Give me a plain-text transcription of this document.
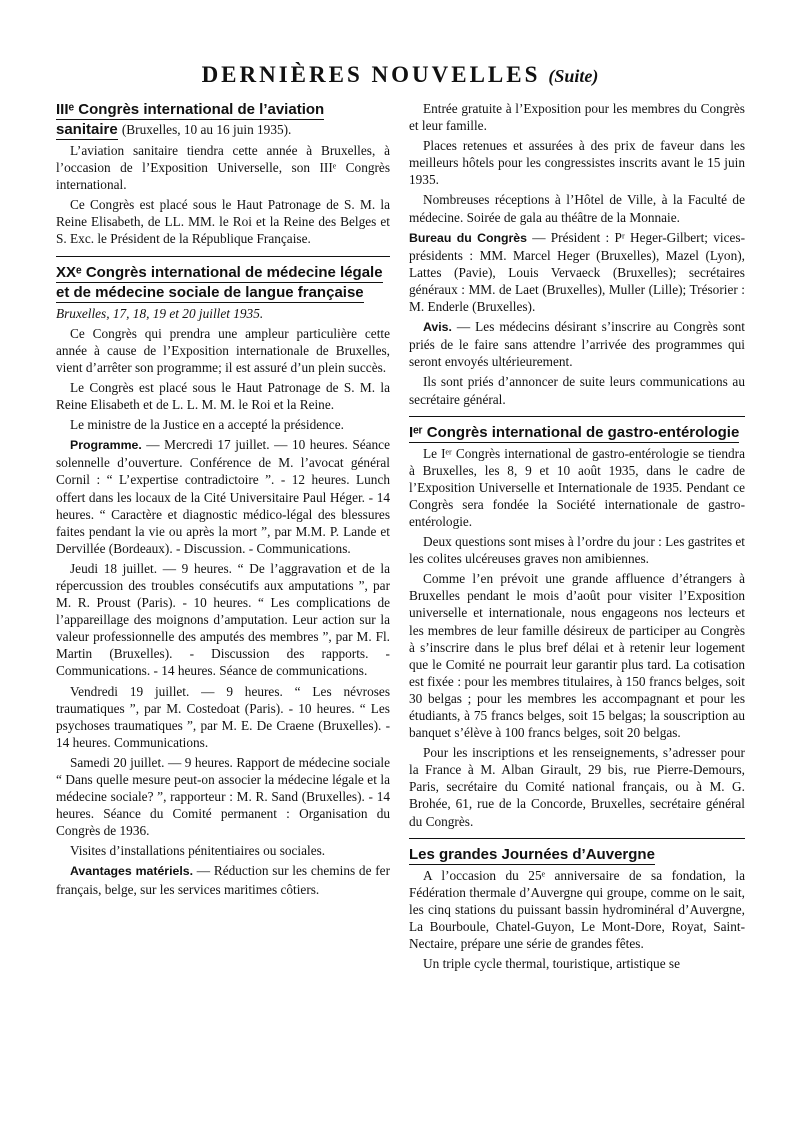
DERNIÈRES NOUVELLES (Suite)
IIIᵉ Congrès international de l’aviation sanitaire (Bruxelles, 10 au 16 juin 1935).

L’aviation sanitaire tiendra cette année à Bruxelles, à l’occasion de l’Exposition Universelle, son IIIᵉ Congrès international.

Ce Congrès est placé sous le Haut Patronage de S. M. la Reine Elisabeth, de LL. MM. le Roi et la Reine des Belges et S. Exc. le Président de la République Française.

XXᵉ Congrès international de médecine légale et de médecine sociale de langue française

Bruxelles, 17, 18, 19 et 20 juillet 1935.

Ce Congrès qui prendra une ampleur particulière cette année à cause de l’Exposition internationale de Bruxelles, vient d’arrêter son programme; il est assuré d’un plein succès.

Le Congrès est placé sous le Haut Patronage de S. M. la Reine Elisabeth et de L. L. M. M. le Roi et la Reine.

Le ministre de la Justice en a accepté la présidence.

Programme. — Mercredi 17 juillet. — 10 heures. Séance solennelle d’ouverture. Conférence de M. l’avocat général Cornil : “ L’expertise contradictoire ”. - 12 heures. Lunch offert dans les locaux de la Cité Universitaire Paul Héger. - 14 heures. “ Caractère et diagnostic médico-légal des blessures faites pendant la vie ou après la mort ”, par M.M. P. Lande et Dervillée (Bordeaux). - Discussion. - Communications.

Jeudi 18 juillet. — 9 heures. “ De l’aggravation et de la répercussion des troubles consécutifs aux amputations ”, par M. R. Proust (Paris). - 10 heures. “ Les complications de l’appareillage des moignons d’amputation. Leur action sur la valeur professionnelle des amputés des membres ”, par M. Fl. Martin (Bruxelles). - Discussion des rapports. - Communications. - 14 heures. Séance de communications.

Vendredi 19 juillet. — 9 heures. “ Les névroses traumatiques ”, par M. Costedoat (Paris). - 10 heures. “ Les psychoses traumatiques ”, par M. E. De Craene (Bruxelles). - 14 heures. Communications.

Samedi 20 juillet. — 9 heures. Rapport de médecine sociale “ Dans quelle mesure peut-on associer la médecine légale et la médecine sociale? ”, rapporteur : M. R. Sand (Bruxelles). - 14 heures. Séance du Comité permanent : Organisation du Congrès de 1936.

Visites d’installations pénitentiaires ou sociales.

Avantages matériels. — Réduction sur les chemins de fer français, belge, sur les services maritimes côtiers.

Entrée gratuite à l’Exposition pour les membres du Congrès et leur famille.

Places retenues et assurées à des prix de faveur dans les meilleurs hôtels pour les congressistes inscrits avant le 15 juin 1935.

Nombreuses réceptions à l’Hôtel de Ville, à la Faculté de médecine. Soirée de gala au théâtre de la Monnaie.

Bureau du Congrès — Président : Pʳ Heger-Gilbert; vices-présidents : MM. Marcel Heger (Bruxelles), Mazel (Lyon), Lattes (Pavie), Louis Vervaeck (Bruxelles); secrétaires généraux : MM. de Laet (Bruxelles), Muller (Lille); Trésorier : M. Enderle (Bruxelles).

Avis. — Les médecins désirant s’inscrire au Congrès sont priés de le faire sans attendre l’arrivée des programmes qui seront envoyés ultérieurement.

Ils sont priés d’annoncer de suite leurs communications au secrétaire général.

Iᵉʳ Congrès international de gastro-entérologie

Le Iᵉʳ Congrès international de gastro-entérologie se tiendra à Bruxelles, les 8, 9 et 10 août 1935, dans le cadre de l’Exposition Universelle et Internationale de 1935. Pendant ce Congrès sera fondée la Société internationale de gastro-entérologie.

Deux questions sont mises à l’ordre du jour : Les gastrites et les colites ulcéreuses graves non amibiennes.

Comme l’en prévoit une grande affluence d’étrangers à Bruxelles pendant le mois d’août pour visiter l’Exposition universelle et internationale, nous engageons nos lecteurs et les membres de leur famille désireux de participer au Congrès à s’inscrire dans le plus bref délai et à retenir leur logement que le Comité ne pourrait leur garantir plus tard. La cotisation est fixée : pour les membres titulaires, à 150 francs belges, soit 30 belgas ; pour les membres les accompagnant et pour les étudiants, à 75 francs belges, soit 15 belgas; la souscription au banquet s’élève à 100 francs belges, soit 20 belgas.

Pour les inscriptions et les renseignements, s’adresser pour la France à M. Alban Girault, 29 bis, rue Pierre-Demours, Paris, secrétaire du Comité national français, ou à M. G. Brohée, 61, rue de la Concorde, Bruxelles, secrétaire général du Congrès.

Les grandes Journées d’Auvergne

A l’occasion du 25ᵉ anniversaire de sa fondation, la Fédération thermale d’Auvergne qui groupe, comme on le sait, les cinq stations du puissant bassin hydrominéral d’Auvergne, La Bourboule, Chatel-Guyon, Le Mont-Dore, Royat, Saint-Nectaire, prépare une série de grandes fêtes.

Un triple cycle thermal, touristique, artistique se
